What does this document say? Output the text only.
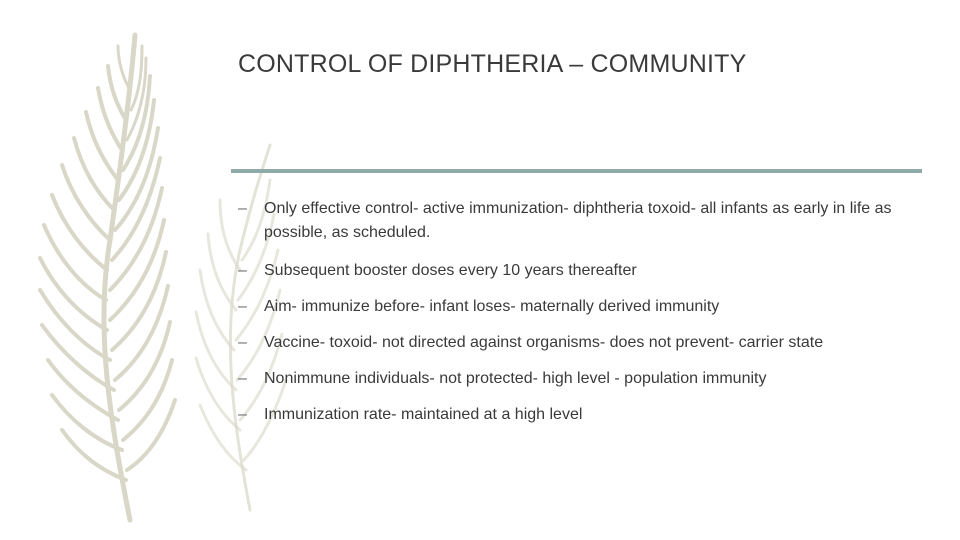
CONTROL OF DIPHTHERIA – COMMUNITY
– Only effective control- active immunization- diphtheria toxoid- all infants as early in life as possible, as scheduled.
– Subsequent booster doses every 10 years thereafter
– Aim- immunize before- infant loses- maternally derived immunity
– Vaccine- toxoid- not directed against organisms- does not prevent- carrier state
– Nonimmune individuals- not protected- high level - population immunity
– Immunization rate- maintained at a high level
